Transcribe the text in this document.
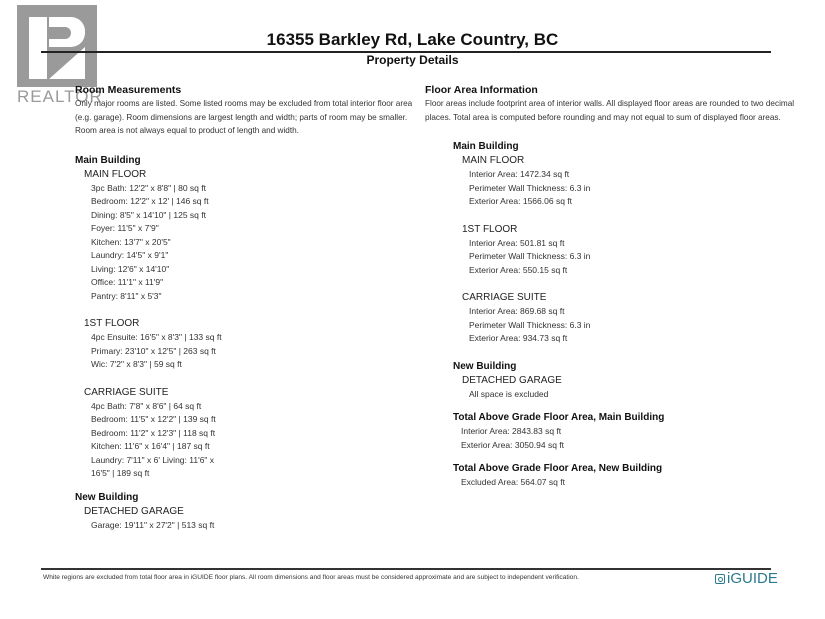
REALTOR
16355 Barkley Rd, Lake Country, BC
Property Details
Room Measurements
Only major rooms are listed. Some listed rooms may be excluded from total interior floor area (e.g. garage). Room dimensions are largest length and width; parts of room may be smaller. Room area is not always equal to product of length and width.
Main Building
MAIN FLOOR
3pc Bath: 12'2" x 8'8" | 80 sq ft
Bedroom: 12'2" x 12' | 146 sq ft
Dining: 8'5" x 14'10" | 125 sq ft
Foyer: 11'5" x 7'9"
Kitchen: 13'7" x 20'5"
Laundry: 14'5" x 9'1"
Living: 12'6" x 14'10"
Office: 11'1" x 11'9"
Pantry: 8'11" x 5'3"
1ST FLOOR
4pc Ensuite: 16'5" x 8'3" | 133 sq ft
Primary: 23'10" x 12'5" | 263 sq ft
Wic: 7'2" x 8'3" | 59 sq ft
CARRIAGE SUITE
4pc Bath: 7'8" x 8'6" | 64 sq ft
Bedroom: 11'5" x 12'2" | 139 sq ft
Bedroom: 11'2" x 12'3" | 118 sq ft
Kitchen: 11'6" x 16'4" | 187 sq ft
Laundry: 7'11" x 6' Living: 11'6" x
16'5" | 189 sq ft
New Building
DETACHED GARAGE
Garage: 19'11" x 27'2" | 513 sq ft
Floor Area Information
Floor areas include footprint area of interior walls. All displayed floor areas are rounded to two decimal places. Total area is computed before rounding and may not equal to sum of displayed floor areas.
Main Building
MAIN FLOOR
Interior Area: 1472.34 sq ft
Perimeter Wall Thickness: 6.3 in
Exterior Area: 1566.06 sq ft
1ST FLOOR
Interior Area: 501.81 sq ft
Perimeter Wall Thickness: 6.3 in
Exterior Area: 550.15 sq ft
CARRIAGE SUITE
Interior Area: 869.68 sq ft
Perimeter Wall Thickness: 6.3 in
Exterior Area: 934.73 sq ft
New Building
DETACHED GARAGE
All space is excluded
Total Above Grade Floor Area, Main Building
Interior Area: 2843.83 sq ft
Exterior Area: 3050.94 sq ft
Total Above Grade Floor Area, New Building
Excluded Area: 564.07 sq ft
White regions are excluded from total floor area in iGUIDE floor plans. All room dimensions and floor areas must be considered approximate and are subject to independent verification.	iGUIDE
